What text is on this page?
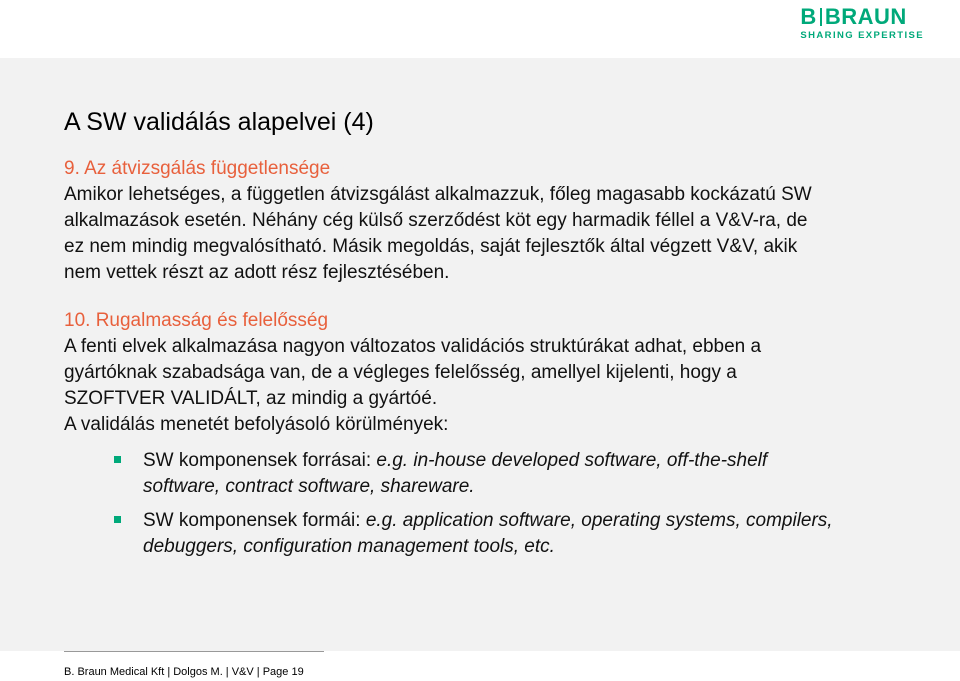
B BRAUN
SHARING EXPERTISE
A SW validálás alapelvei (4)

9. Az átvizsgálás függetlensége

Amikor lehetséges, a független átvizsgálást alkalmazzuk, főleg magasabb kockázatú SW

alkalmazások esetén. Néhány cég külső szerződést köt egy harmadik féllel a V&V-ra, de

ez nem mindig megvalósítható. Másik megoldás, saját fejlesztők által végzett V&V, akik

nem vettek részt az adott rész fejlesztésében.

10. Rugalmasság és felelősség

A fenti elvek alkalmazása nagyon változatos validációs struktúrákat adhat, ebben a

gyártóknak szabadsága van, de a végleges felelősség, amellyel kijelenti, hogy a

SZOFTVER VALIDÁLT, az mindig a gyártóé.

A validálás menetét befolyásoló körülmények:

SW komponensek forrásai: e.g. in-house developed software, off-the-shelf
software, contract software, shareware.
SW komponensek formái: e.g. application software, operating systems, compilers,
debuggers, configuration management tools, etc.
B. Braun Medical Kft | Dolgos M. | V&V | Page 19
